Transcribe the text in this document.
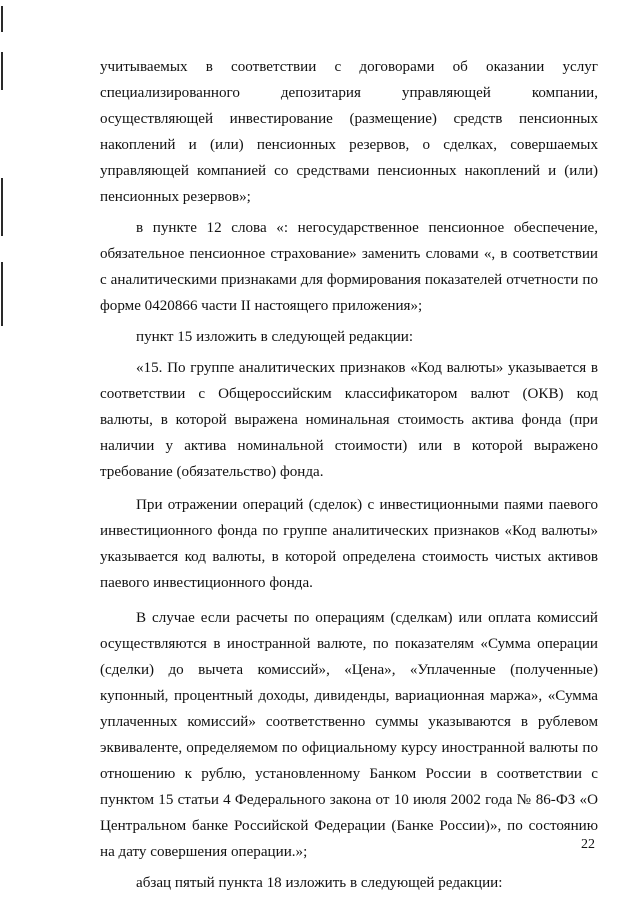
учитываемых в соответствии с договорами об оказании услуг специализированного депозитария управляющей компании, осуществляющей инвестирование (размещение) средств пенсионных накоплений и (или) пенсионных резервов, о сделках, совершаемых управляющей компанией со средствами пенсионных накоплений и (или) пенсионных резервов»;

в пункте 12 слова «: негосударственное пенсионное обеспечение, обязательное пенсионное страхование» заменить словами «, в соответствии с аналитическими признаками для формирования показателей отчетности по форме 0420866 части II настоящего приложения»;

пункт 15 изложить в следующей редакции:

«15. По группе аналитических признаков «Код валюты» указывается в соответствии с Общероссийским классификатором валют (ОКВ) код валюты, в которой выражена номинальная стоимость актива фонда (при наличии у актива номинальной стоимости) или в которой выражено требование (обязательство) фонда.

При отражении операций (сделок) с инвестиционными паями паевого инвестиционного фонда по группе аналитических признаков «Код валюты» указывается код валюты, в которой определена стоимость чистых активов паевого инвестиционного фонда.

В случае если расчеты по операциям (сделкам) или оплата комиссий осуществляются в иностранной валюте, по показателям «Сумма операции (сделки) до вычета комиссий», «Цена», «Уплаченные (полученные) купонный, процентный доходы, дивиденды, вариационная маржа», «Сумма уплаченных комиссий» соответственно суммы указываются в рублевом эквиваленте, определяемом по официальному курсу иностранной валюты по отношению к рублю, установленному Банком России в соответствии с пунктом 15 статьи 4 Федерального закона от 10 июля 2002 года № 86-ФЗ «О Центральном банке Российской Федерации (Банке России)», по состоянию на дату совершения операции.»;

абзац пятый пункта 18 изложить в следующей редакции:

22
